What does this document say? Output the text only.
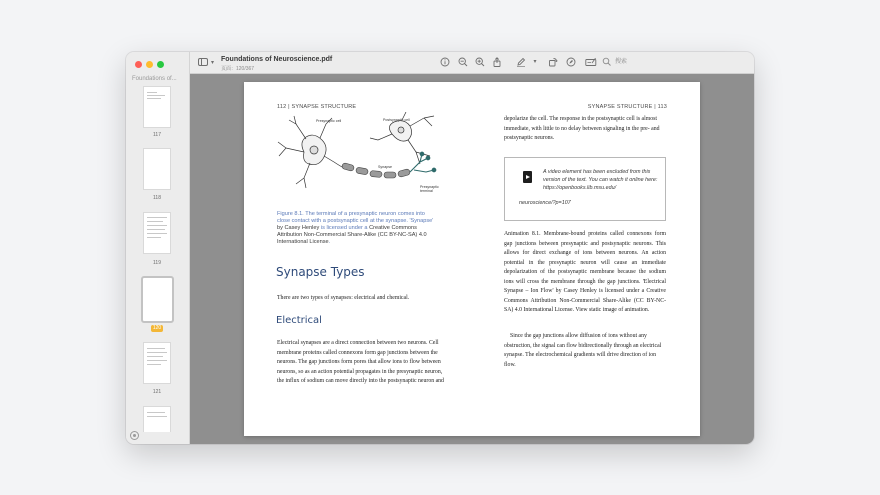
Foundations of...
117
118
119
120
121
▾ Foundations of Neuroscience.pdf
页面：120/367
▾	搜索
112 | SYNAPSE STRUCTURE	SYNAPSE STRUCTURE | 113
Presynaptic cell	Postsynaptic cell
Synapse
Presynaptic terminal
Figure 8.1. The terminal of a presynaptic neuron comes into close contact with a postsynaptic cell at the synapse. 'Synapse' by Casey Henley is licensed under a Creative Commons Attribution Non-Commercial Share-Alike (CC BY-NC-SA) 4.0 International License.
Synapse Types
There are two types of synapses: electrical and chemical.
Electrical
Electrical synapses are a direct connection between two neurons. Cell membrane proteins called connexons form gap junctions between the neurons. The gap junctions form pores that allow ions to flow between neurons, so as an action potential propagates in the presynaptic neuron, the influx of sodium can move directly into the postsynaptic neuron and
depolarize the cell. The response in the postsynaptic cell is almost immediate, with little to no delay between signaling in the pre- and postsynaptic neurons.
A video element has been excluded from this version of the text. You can watch it online here: https://openbooks.lib.msu.edu/
neuroscience/?p=107
Animation 8.1. Membrane-bound proteins called connexons form gap junctions between presynaptic and postsynaptic neurons. This allows for direct exchange of ions between neurons. An action potential in the presynaptic neuron will cause an immediate depolarization of the postsynaptic membrane because the sodium ions will cross the membrane through the gap junctions. 'Electrical Synapse – Ion Flow' by Casey Henley is licensed under a Creative Commons Attribution Non-Commercial Share-Alike (CC BY-NC-SA) 4.0 International License. View static image of animation.
Since the gap junctions allow diffusion of ions without any obstruction, the signal can flow bidirectionally through an electrical synapse. The electrochemical gradients will drive direction of ion flow.
